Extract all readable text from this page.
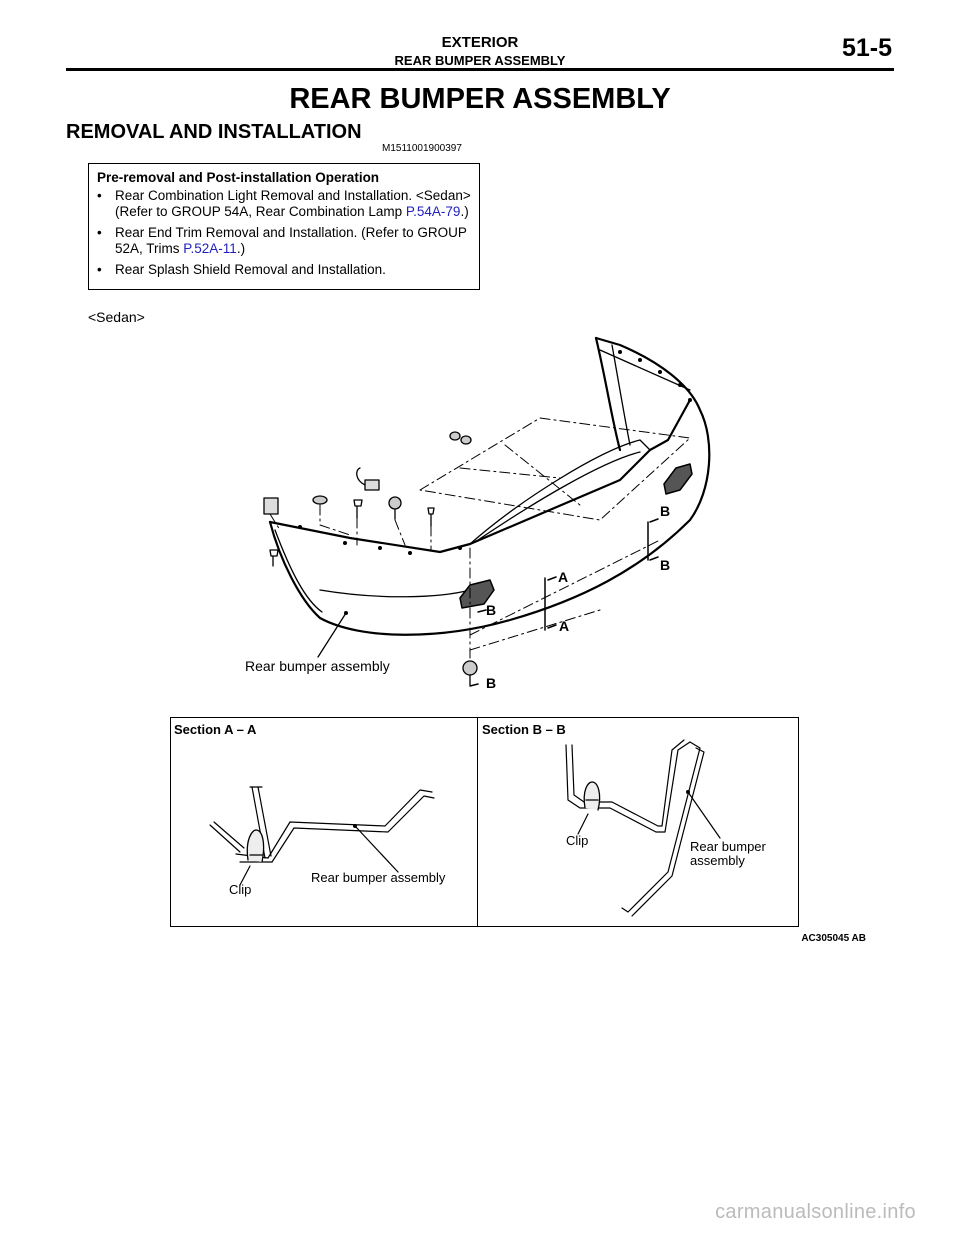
EXTERIOR
REAR BUMPER ASSEMBLY	51-5
REAR BUMPER ASSEMBLY
REMOVAL AND INSTALLATION
M1511001900397
Pre-removal and Post-installation Operation
• Rear Combination Light Removal and Installation. <Sedan> (Refer to GROUP 54A, Rear Combination Lamp P.54A-79.)
• Rear End Trim Removal and Installation. (Refer to GROUP 52A, Trims P.52A-11.)
• Rear Splash Shield Removal and Installation.
<Sedan>
A
A
B
B
B
B
Rear bumper assembly
Section A – A
Clip
Rear bumper assembly
Section B – B
Clip	Rear bumper
assembly
AC305045 AB
carmanualsonline.info
